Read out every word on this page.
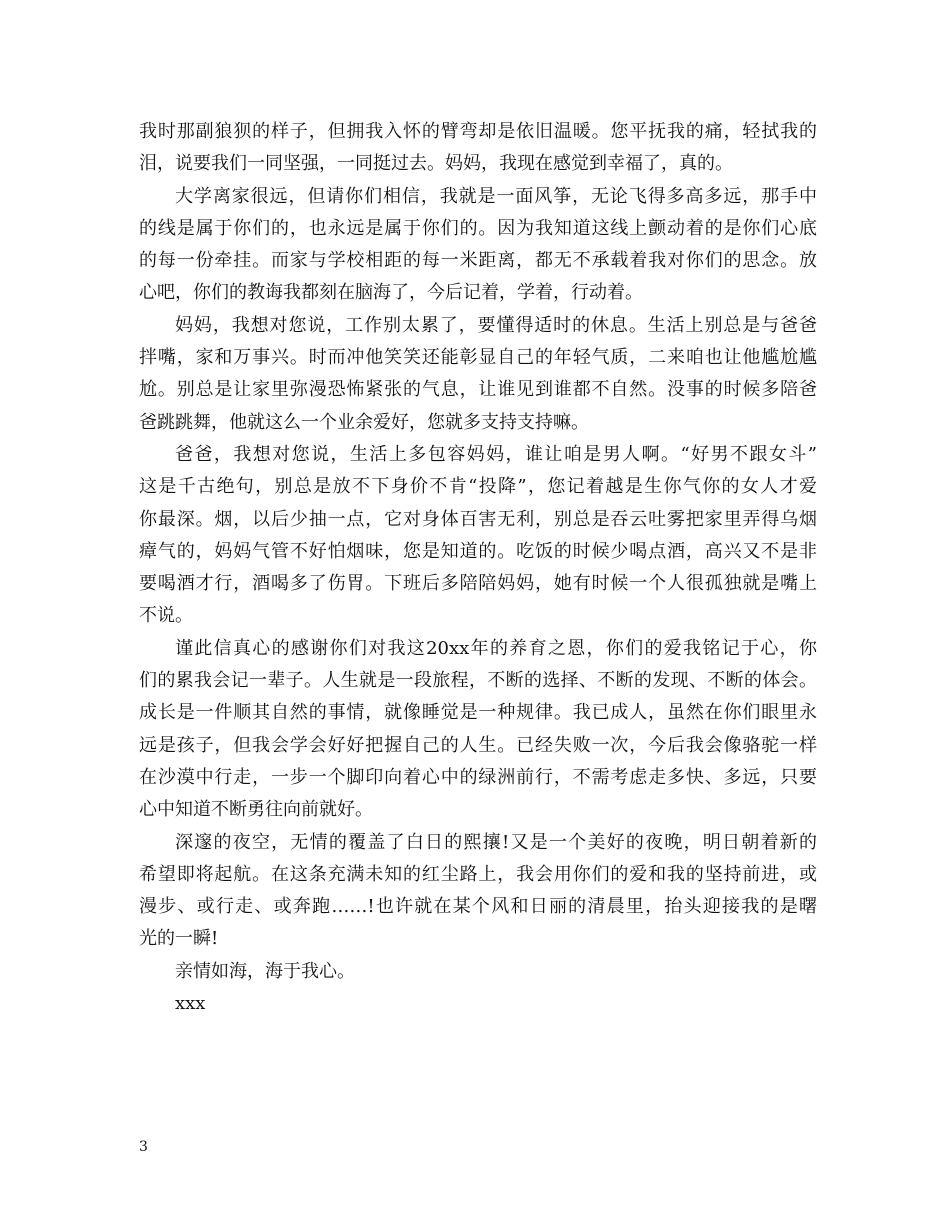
我时那副狼狈的样子，但拥我入怀的臂弯却是依旧温暖。您平抚我的痛，轻拭我的
泪，说要我们一同坚强，一同挺过去。妈妈，我现在感觉到幸福了，真的。
大学离家很远，但请你们相信，我就是一面风筝，无论飞得多高多远，那手中
的线是属于你们的，也永远是属于你们的。因为我知道这线上颤动着的是你们心底
的每一份牵挂。而家与学校相距的每一米距离，都无不承载着我对你们的思念。放
心吧，你们的教诲我都刻在脑海了，今后记着，学着，行动着。
妈妈，我想对您说，工作别太累了，要懂得适时的休息。生活上别总是与爸爸
拌嘴，家和万事兴。时而冲他笑笑还能彰显自己的年轻气质，二来咱也让他尴尬尴
尬。别总是让家里弥漫恐怖紧张的气息，让谁见到谁都不自然。没事的时候多陪爸
爸跳跳舞，他就这么一个业余爱好，您就多支持支持嘛。
爸爸，我想对您说，生活上多包容妈妈，谁让咱是男人啊。“好男不跟女斗”
这是千古绝句，别总是放不下身价不肯“投降”，您记着越是生你气你的女人才爱
你最深。烟，以后少抽一点，它对身体百害无利，别总是吞云吐雾把家里弄得乌烟
瘴气的，妈妈气管不好怕烟味，您是知道的。吃饭的时候少喝点酒，高兴又不是非
要喝酒才行，酒喝多了伤胃。下班后多陪陪妈妈，她有时候一个人很孤独就是嘴上
不说。
谨此信真心的感谢你们对我这20xx年的养育之恩，你们的爱我铭记于心，你
们的累我会记一辈子。人生就是一段旅程，不断的选择、不断的发现、不断的体会。
成长是一件顺其自然的事情，就像睡觉是一种规律。我已成人，虽然在你们眼里永
远是孩子，但我会学会好好把握自己的人生。已经失败一次，今后我会像骆驼一样
在沙漠中行走，一步一个脚印向着心中的绿洲前行，不需考虑走多快、多远，只要
心中知道不断勇往向前就好。
深邃的夜空，无情的覆盖了白日的熙攘!又是一个美好的夜晚，明日朝着新的
希望即将起航。在这条充满未知的红尘路上，我会用你们的爱和我的坚持前进，或
漫步、或行走、或奔跑……!也许就在某个风和日丽的清晨里，抬头迎接我的是曙
光的一瞬!
亲情如海，海于我心。
xxx
3
